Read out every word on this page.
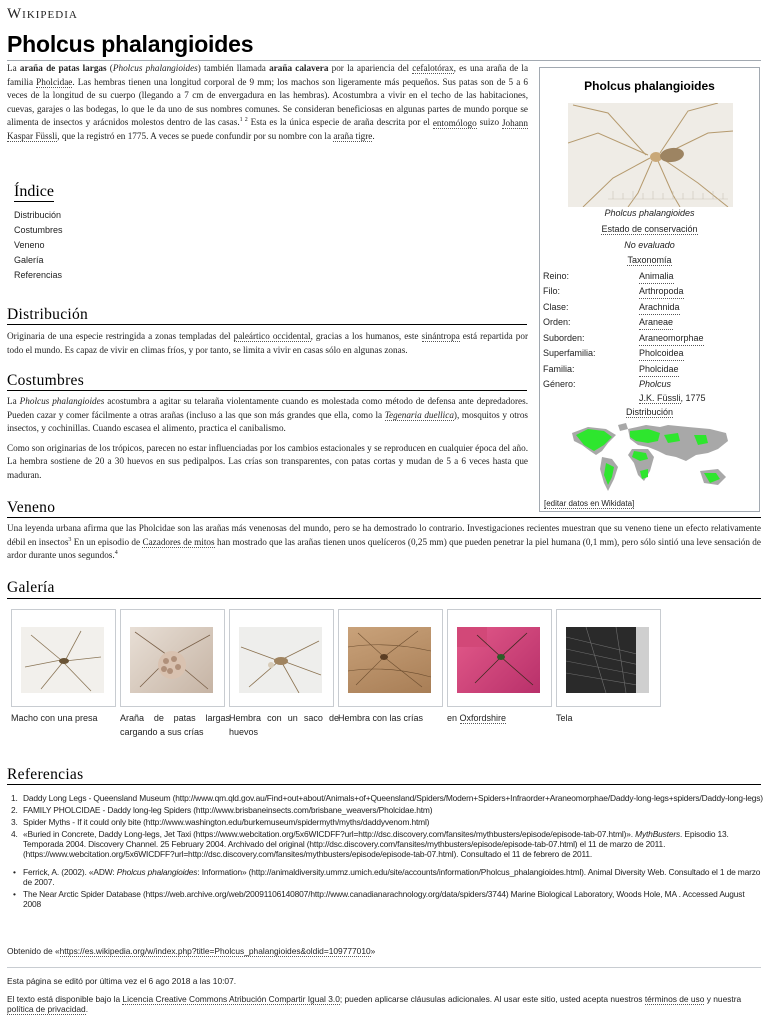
Wikipedia
Pholcus phalangioides

La araña de patas largas (Pholcus phalangioides) también llamada araña calavera por la apariencia del cefalotórax, es una araña de la familia Pholcidae. Las hembras tienen una longitud corporal de 9 mm; los machos son ligeramente más pequeños. Sus patas son de 5 a 6 veces de la longitud de su cuerpo (llegando a 7 cm de envergadura en las hembras). Acostumbra a vivir en el techo de las habitaciones, cuevas, garajes o las bodegas, lo que le da uno de sus nombres comunes. Se consideran beneficiosas en algunas partes de mundo porque se alimenta de insectos y arácnidos molestos dentro de las casas.$^{1 2}$ Esta es la única especie de araña descrita por el entomólogo suizo Johann Kaspar Füssli, que la registró en 1775. A veces se puede confundir por su nombre con la araña tigre.

Índice
Distribución
Costumbres
Veneno
Galería
Referencias
Pholcus phalangioides
Pholcus phalangioides
Estado de conservación
No evaluado
Taxonomía
Reino:	Animalia
Filo:	Arthropoda
Clase:	Arachnida
Orden:	Araneae
Suborden:	Araneomorphae
Superfamilia:	Pholcoidea
Familia:	Pholcidae
Género:	Pholcus
J.K. Füssli, 1775
Distribución
[editar datos en Wikidata]
Distribución

Originaria de una especie restringida a zonas templadas del paleártico occidental, gracias a los humanos, este sinántropa está repartida por todo el mundo. Es capaz de vivir en climas fríos, y por tanto, se limita a vivir en casas sólo en algunas zonas.

Costumbres

La Pholcus phalangioides acostumbra a agitar su telaraña violentamente cuando es molestada como método de defensa ante depredadores. Pueden cazar y comer fácilmente a otras arañas (incluso a las que son más grandes que ella, como la Tegenaria duellica), mosquitos y otros insectos, y cochinillas. Cuando escasea el alimento, practica el canibalismo.

Como son originarias de los trópicos, parecen no estar influenciadas por los cambios estacionales y se reproducen en cualquier época del año. La hembra sostiene de 20 a 30 huevos en sus pedipalpos. Las crías son transparentes, con patas cortas y mudan de 5 a 6 veces hasta que maduran.

Veneno

Una leyenda urbana afirma que las Pholcidae son las arañas más venenosas del mundo, pero se ha demostrado lo contrario. Investigaciones recientes muestran que su veneno tiene un efecto relativamente débil en insectos$^3$ En un episodio de Cazadores de mitos han mostrado que las arañas tienen unos quelíceros (0,25 mm) que pueden penetrar la piel humana (0,1 mm), pero sólo sintió una leve sensación de ardor durante unos segundos.$^4$

Galería
Macho con una presa	Araña de patas largas cargando a sus crías
Hembra con un saco de huevos
Hembra con las crías	en Oxfordshire	Tela
Referencias
1. Daddy Long Legs - Queensland Museum (http://www.qm.qld.gov.au/Find+out+about/Animals+of+Queensland/Spiders/Modern+Spiders+Infraorder+Araneomorphae/Daddy-long-legs+spiders/Daddy-long-legs)
2. FAMILY PHOLCIDAE - Daddy long-leg Spiders (http://www.brisbaneinsects.com/brisbane_weavers/Pholcidae.htm)
3. Spider Myths - If it could only bite (http://www.washington.edu/burkemuseum/spidermyth/myths/daddyvenom.html)
4. «Buried in Concrete, Daddy Long-legs, Jet Taxi (https://www.webcitation.org/5x6WICDFF?url=http://dsc.discovery.com/fansites/mythbusters/episode/episode-tab-07.html)». MythBusters. Episodio 13. Temporada 2004. Discovery Channel. 25 February 2004. Archivado del original (http://dsc.discovery.com/fansites/mythbusters/episode/episode-tab-07.html) el 11 de marzo de 2011. (https://www.webcitation.org/5x6WICDFF?url=http://dsc.discovery.com/fansites/mythbusters/episode/episode-tab-07.html). Consultado el 11 de febrero de 2011.
• Ferrick, A. (2002). «ADW: Pholcus phalangioides: Information» (http://animaldiversity.ummz.umich.edu/site/accounts/information/Pholcus_phalangioides.html). Animal Diversity Web. Consultado el 1 de marzo de 2007.
• The Near Arctic Spider Database (https://web.archive.org/web/20091106140807/http://www.canadianarachnology.org/data/spiders/3744) Marine Biological Laboratory, Woods Hole, MA . Accessed August 2008
Obtenido de «https://es.wikipedia.org/w/index.php?title=Pholcus_phalangioides&oldid=109777010»
Esta página se editó por última vez el 6 ago 2018 a las 10:07.
El texto está disponible bajo la Licencia Creative Commons Atribución Compartir Igual 3.0; pueden aplicarse cláusulas adicionales. Al usar este sitio, usted acepta nuestros términos de uso y nuestra política de privacidad.
